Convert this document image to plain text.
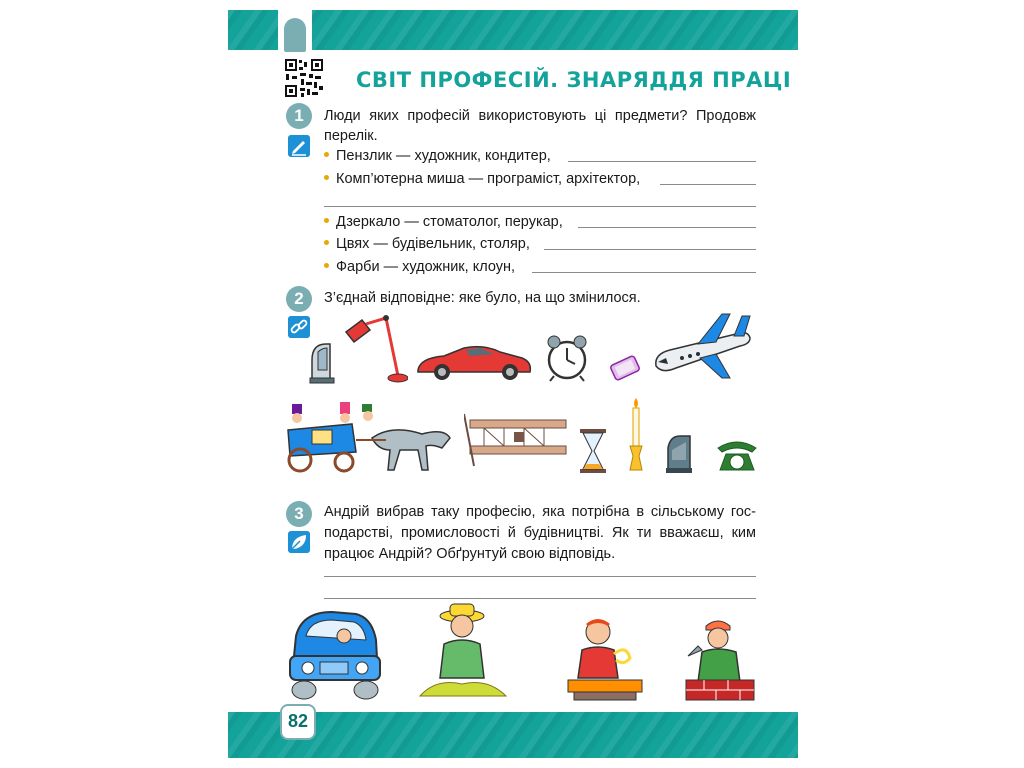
СВІТ ПРОФЕСІЙ. ЗНАРЯДДЯ ПРАЦІ
1	Люди яких професій використовують ці предмети? Продовж
перелік.
Пензлик — художник, кондитер,
Комп’ютерна миша — програміст, архітектор,
Дзеркало — стоматолог, перукар,
Цвях — будівельник, столяр,
Фарби — художник, клоун,
2	З’єднай відповідне: яке було, на що змінилося.
3	Андрій вибрав таку професію, яка потрібна в сільському гос-
подарстві, промисловості й будівництві. Як ти вважаєш, ким
працює Андрій? Обґрунтуй свою відповідь.
82
